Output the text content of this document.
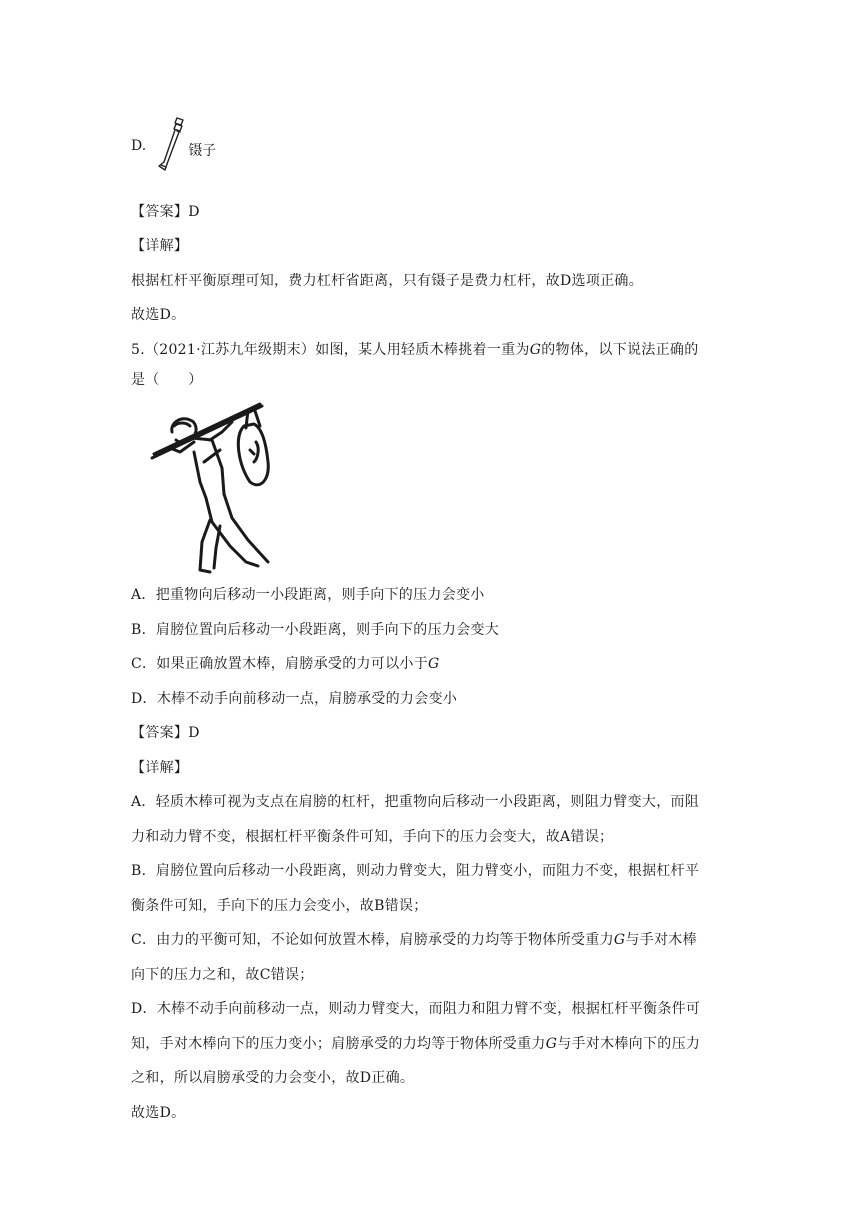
D.	镊子
【答案】D
【详解】
根据杠杆平衡原理可知，费力杠杆省距离，只有镊子是费力杠杆，故D选项正确。
故选D。
5.（2021·江苏九年级期末）如图，某人用轻质木棒挑着一重为G的物体，以下说法正确的
是（　　）
A．把重物向后移动一小段距离，则手向下的压力会变小
B．肩膀位置向后移动一小段距离，则手向下的压力会变大
C．如果正确放置木棒，肩膀承受的力可以小于G
D．木棒不动手向前移动一点，肩膀承受的力会变小
【答案】D
【详解】
A．轻质木棒可视为支点在肩膀的杠杆，把重物向后移动一小段距离，则阻力臂变大，而阻
力和动力臂不变，根据杠杆平衡条件可知，手向下的压力会变大，故A错误；
B．肩膀位置向后移动一小段距离，则动力臂变大，阻力臂变小，而阻力不变，根据杠杆平
衡条件可知，手向下的压力会变小，故B错误；
C．由力的平衡可知，不论如何放置木棒，肩膀承受的力均等于物体所受重力G与手对木棒
向下的压力之和，故C错误；
D．木棒不动手向前移动一点，则动力臂变大，而阻力和阻力臂不变，根据杠杆平衡条件可
知，手对木棒向下的压力变小；肩膀承受的力均等于物体所受重力G与手对木棒向下的压力
之和，所以肩膀承受的力会变小，故D正确。
故选D。
